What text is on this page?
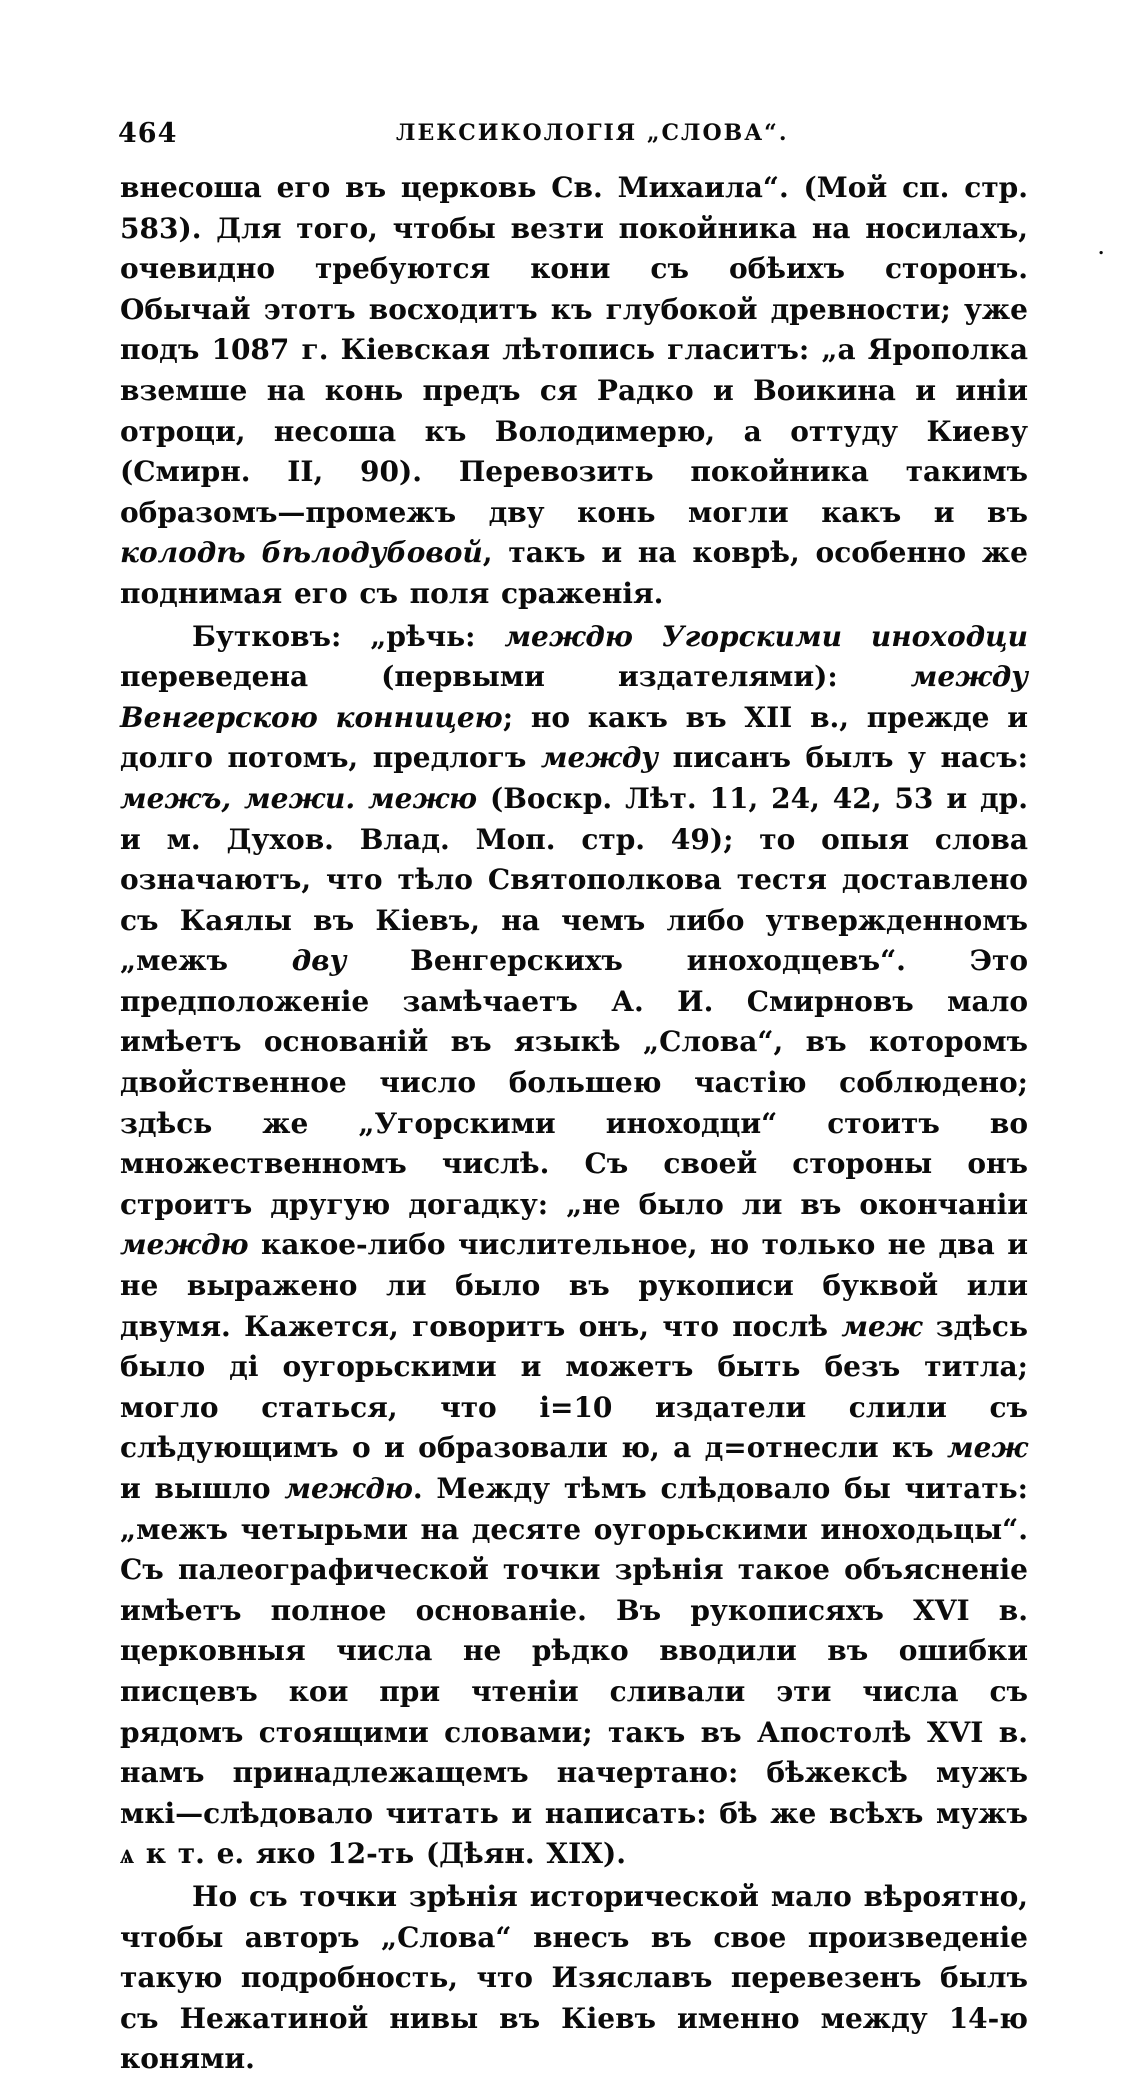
464	ЛЕКСИКОЛОГІЯ „СЛОВА“.
.

внесоша его въ церковь Св. Михаила“. (Мой сп. стр. 583). Для того, чтобы везти покойника на носилахъ, очевидно требуются кони съ обѣихъ сторонъ. Обычай этотъ восходитъ къ глубокой древности; уже подъ 1087 г. Кіевская лѣтопись гласитъ: „а Ярополка вземше на конь предъ ся Радко и Воикина и инiи отроци, несоша къ Володимерю, а оттуду Киеву (Смирн. II, 90). Перевозить покойника такимъ образомъ—промежъ дву конь могли какъ и въ колодѣ бѣлодубовой, такъ и на коврѣ, особенно же поднимая его съ поля сраженія.

Бутковъ: „рѣчь: междю Угорскими иноходци переведена (первыми издателями): между Венгерскою конницею; но какъ въ XII в., прежде и долго потомъ, предлогъ между писанъ былъ у насъ: межъ, межи. межю (Воскр. Лѣт. 11, 24, 42, 53 и др. и м. Духов. Влад. Моп. стр. 49); то опыя слова означаютъ, что тѣло Святополкова тестя доставлено съ Каялы въ Кіевъ, на чемъ либо утвержденномъ „межъ дву Венгерскихъ иноходцевъ“. Это предположеніе замѣчаетъ А. И. Смирновъ мало имѣетъ основаній въ языкѣ „Слова“, въ которомъ двойственное число большею частію соблюдено; здѣсь же „Угорскими иноходци“ стоитъ во множественномъ числѣ. Съ своей стороны онъ строитъ другую догадку: „не было ли въ окончаніи междю какое-либо числительное, но только не два и не выражено ли было въ рукописи буквой или двумя. Кажется, говоритъ онъ, что послѣ меж здѣсь было дi оугорьскими и можетъ быть безъ титла; могло статься, что i=10 издатели слили съ слѣдующимъ о и образовали ю, а д=отнесли къ меж и вышло междю. Между тѣмъ слѣдовало бы читать: „межъ четырьми на десяте оугорьскими иноходьцы“. Съ палеографической точки зрѣнія такое объясненіе имѣетъ полное основаніе. Въ рукописяхъ XVI в. церковныя числа не рѣдко вводили въ ошибки писцевъ кои при чтеніи сливали эти числа съ рядомъ стоящими словами; такъ въ Апостолѣ XVI в. намъ принадлежащемъ начертано: бѣжексѣ мужъ мкi—слѣдовало читать и написать: бѣ же всѣхъ мужъ ѧ к т. е. яко 12-ть (Дѣян. XIX).

Но съ точки зрѣнія исторической мало вѣроятно, чтобы авторъ „Слова“ внесъ въ свое произведеніе такую подробность, что Изяславъ перевезенъ былъ съ Нежатиной нивы въ Кіевъ именно между 14-ю конями.
